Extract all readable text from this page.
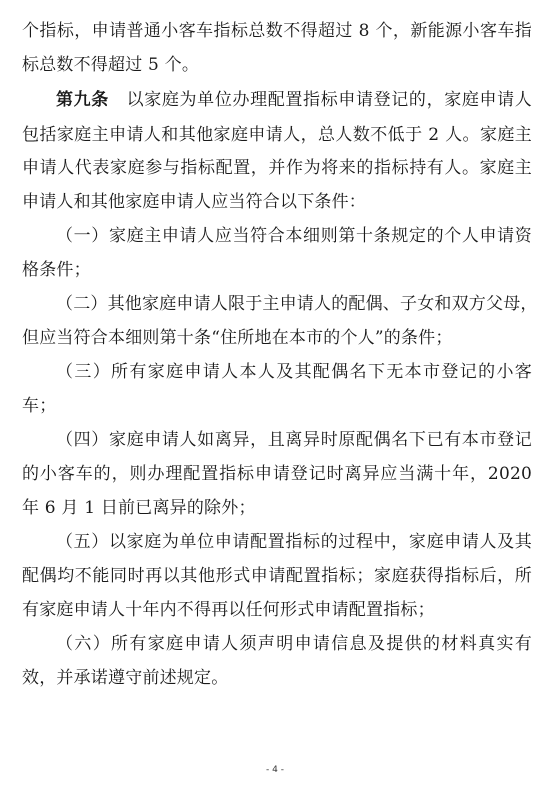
个指标，申请普通小客车指标总数不得超过 8 个，新能源小客车指
标总数不得超过 5 个。
第九条　 以家庭为单位办理配置指标申请登记的，家庭申请人
包括家庭主申请人和其他家庭申请人，总人数不低于 2 人。家庭主
申请人代表家庭参与指标配置，并作为将来的指标持有人。家庭主
申请人和其他家庭申请人应当符合以下条件：
（一）家庭主申请人应当符合本细则第十条规定的个人申请资
格条件；
（二）其他家庭申请人限于主申请人的配偶、子女和双方父母，
但应当符合本细则第十条“住所地在本市的个人”的条件；
（三）所有家庭申请人本人及其配偶名下无本市登记的小客
车；
（四）家庭申请人如离异，且离异时原配偶名下已有本市登记
的小客车的，则办理配置指标申请登记时离异应当满十年，2020
年 6 月 1 日前已离异的除外；
（五）以家庭为单位申请配置指标的过程中，家庭申请人及其
配偶均不能同时再以其他形式申请配置指标；家庭获得指标后，所
有家庭申请人十年内不得再以任何形式申请配置指标；
（六）所有家庭申请人须声明申请信息及提供的材料真实有
效，并承诺遵守前述规定。
- 4 -
